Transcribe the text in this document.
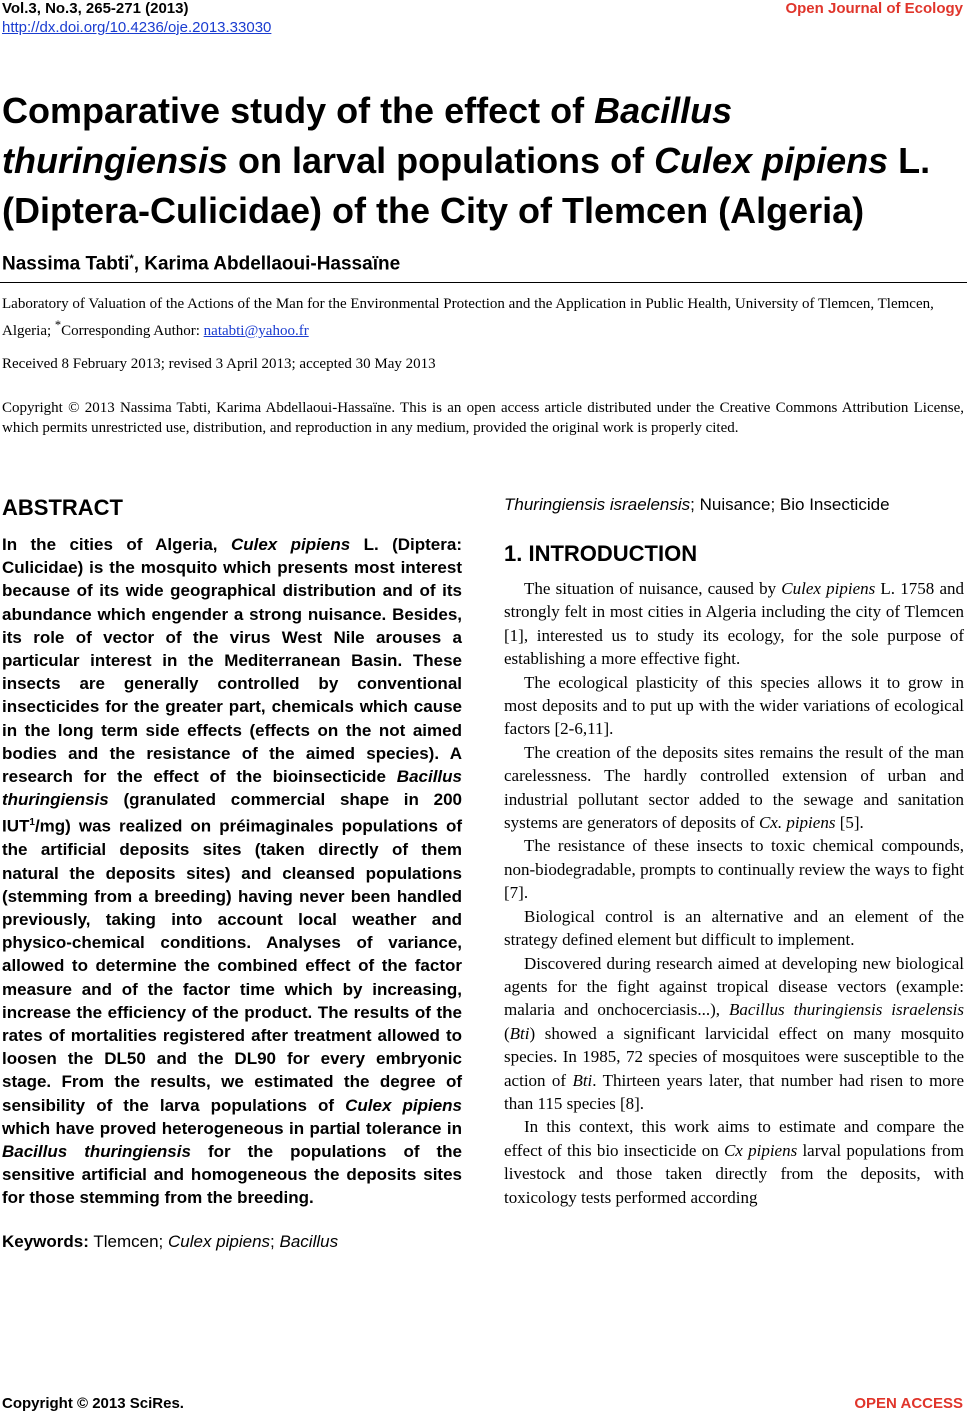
Vol.3, No.3, 265-271 (2013)
http://dx.doi.org/10.4236/oje.2013.33030
Open Journal of Ecology
Comparative study of the effect of Bacillus thuringiensis on larval populations of Culex pipiens L. (Diptera-Culicidae) of the City of Tlemcen (Algeria)
Nassima Tabti*, Karima Abdellaoui-Hassaïne
Laboratory of Valuation of the Actions of the Man for the Environmental Protection and the Application in Public Health, University of Tlemcen, Tlemcen, Algeria; *Corresponding Author: natabti@yahoo.fr
Received 8 February 2013; revised 3 April 2013; accepted 30 May 2013
Copyright © 2013 Nassima Tabti, Karima Abdellaoui-Hassaïne. This is an open access article distributed under the Creative Commons Attribution License, which permits unrestricted use, distribution, and reproduction in any medium, provided the original work is properly cited.
ABSTRACT
In the cities of Algeria, Culex pipiens L. (Diptera: Culicidae) is the mosquito which presents most interest because of its wide geographical distribution and of its abundance which engender a strong nuisance. Besides, its role of vector of the virus West Nile arouses a particular interest in the Mediterranean Basin. These insects are generally controlled by conventional insecticides for the greater part, chemicals which cause in the long term side effects (effects on the not aimed bodies and the resistance of the aimed species). A research for the effect of the bioinsecticide Bacillus thuringiensis (granulated commercial shape in 200 IUT$^1$/mg) was realized on préimaginales populations of the artificial deposits sites (taken directly of them natural the deposits sites) and cleansed populations (stemming from a breeding) having never been handled previously, taking into account local weather and physico-chemical conditions. Analyses of variance, allowed to determine the combined effect of the factor measure and of the factor time which by increasing, increase the efficiency of the product. The results of the rates of mortalities registered after treatment allowed to loosen the DL50 and the DL90 for every embryonic stage. From the results, we estimated the degree of sensibility of the larva populations of Culex pipiens which have proved heterogeneous in partial tolerance in Bacillus thuringiensis for the populations of the sensitive artificial and homogeneous the deposits sites for those stemming from the breeding.
Keywords: Tlemcen; Culex pipiens; Bacillus
Thuringiensis israelensis; Nuisance; Bio Insecticide
1. INTRODUCTION

The situation of nuisance, caused by Culex pipiens L. 1758 and strongly felt in most cities in Algeria including the city of Tlemcen [1], interested us to study its ecology, for the sole purpose of establishing a more effective fight.

The ecological plasticity of this species allows it to grow in most deposits and to put up with the wider variations of ecological factors [2-6,11].

The creation of the deposits sites remains the result of the man carelessness. The hardly controlled extension of urban and industrial pollutant sector added to the sewage and sanitation systems are generators of deposits of Cx. pipiens [5].

The resistance of these insects to toxic chemical compounds, non-biodegradable, prompts to continually review the ways to fight [7].

Biological control is an alternative and an element of the strategy defined element but difficult to implement.

Discovered during research aimed at developing new biological agents for the fight against tropical disease vectors (example: malaria and onchocerciasis...), Bacillus thuringiensis israelensis (Bti) showed a significant larvicidal effect on many mosquito species. In 1985, 72 species of mosquitoes were susceptible to the action of Bti. Thirteen years later, that number had risen to more than 115 species [8].

In this context, this work aims to estimate and compare the effect of this bio insecticide on Cx pipiens larval populations from livestock and those taken directly from the deposits, with toxicology tests performed according

Copyright © 2013 SciRes.	OPEN ACCESS
